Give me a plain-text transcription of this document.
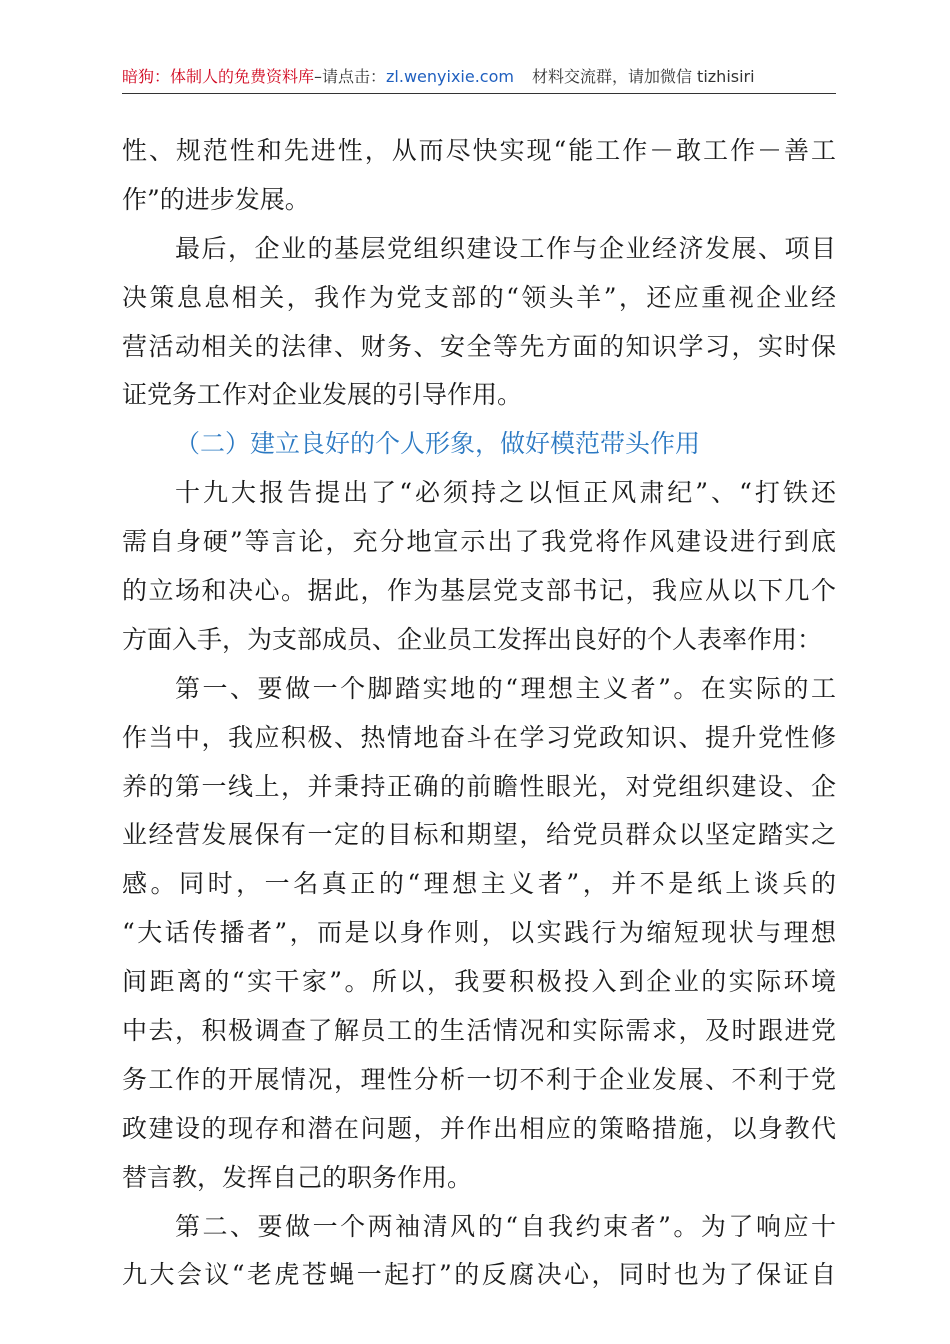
暗狗：体制人的免费资料库–请点击：zl.wenyixie.com 材料交流群，请加微信 tizhisiri
性、规范性和先进性，从而尽快实现“能工作－敢工作－善工
作”的进步发展。
最后，企业的基层党组织建设工作与企业经济发展、项目
决策息息相关，我作为党支部的“领头羊”，还应重视企业经
营活动相关的法律、财务、安全等先方面的知识学习，实时保
证党务工作对企业发展的引导作用。
（二）建立良好的个人形象，做好模范带头作用
十九大报告提出了“必须持之以恒正风肃纪”、“打铁还
需自身硬”等言论，充分地宣示出了我党将作风建设进行到底
的立场和决心。据此，作为基层党支部书记，我应从以下几个
方面入手，为支部成员、企业员工发挥出良好的个人表率作用：
第一、要做一个脚踏实地的“理想主义者”。在实际的工
作当中，我应积极、热情地奋斗在学习党政知识、提升党性修
养的第一线上，并秉持正确的前瞻性眼光，对党组织建设、企
业经营发展保有一定的目标和期望，给党员群众以坚定踏实之
感。同时，一名真正的“理想主义者”，并不是纸上谈兵的
“大话传播者”，而是以身作则，以实践行为缩短现状与理想
间距离的“实干家”。所以，我要积极投入到企业的实际环境
中去，积极调查了解员工的生活情况和实际需求，及时跟进党
务工作的开展情况，理性分析一切不利于企业发展、不利于党
政建设的现存和潜在问题，并作出相应的策略措施，以身教代
替言教，发挥自己的职务作用。
第二、要做一个两袖清风的“自我约束者”。为了响应十
九大会议“老虎苍蝇一起打”的反腐决心，同时也为了保证自
